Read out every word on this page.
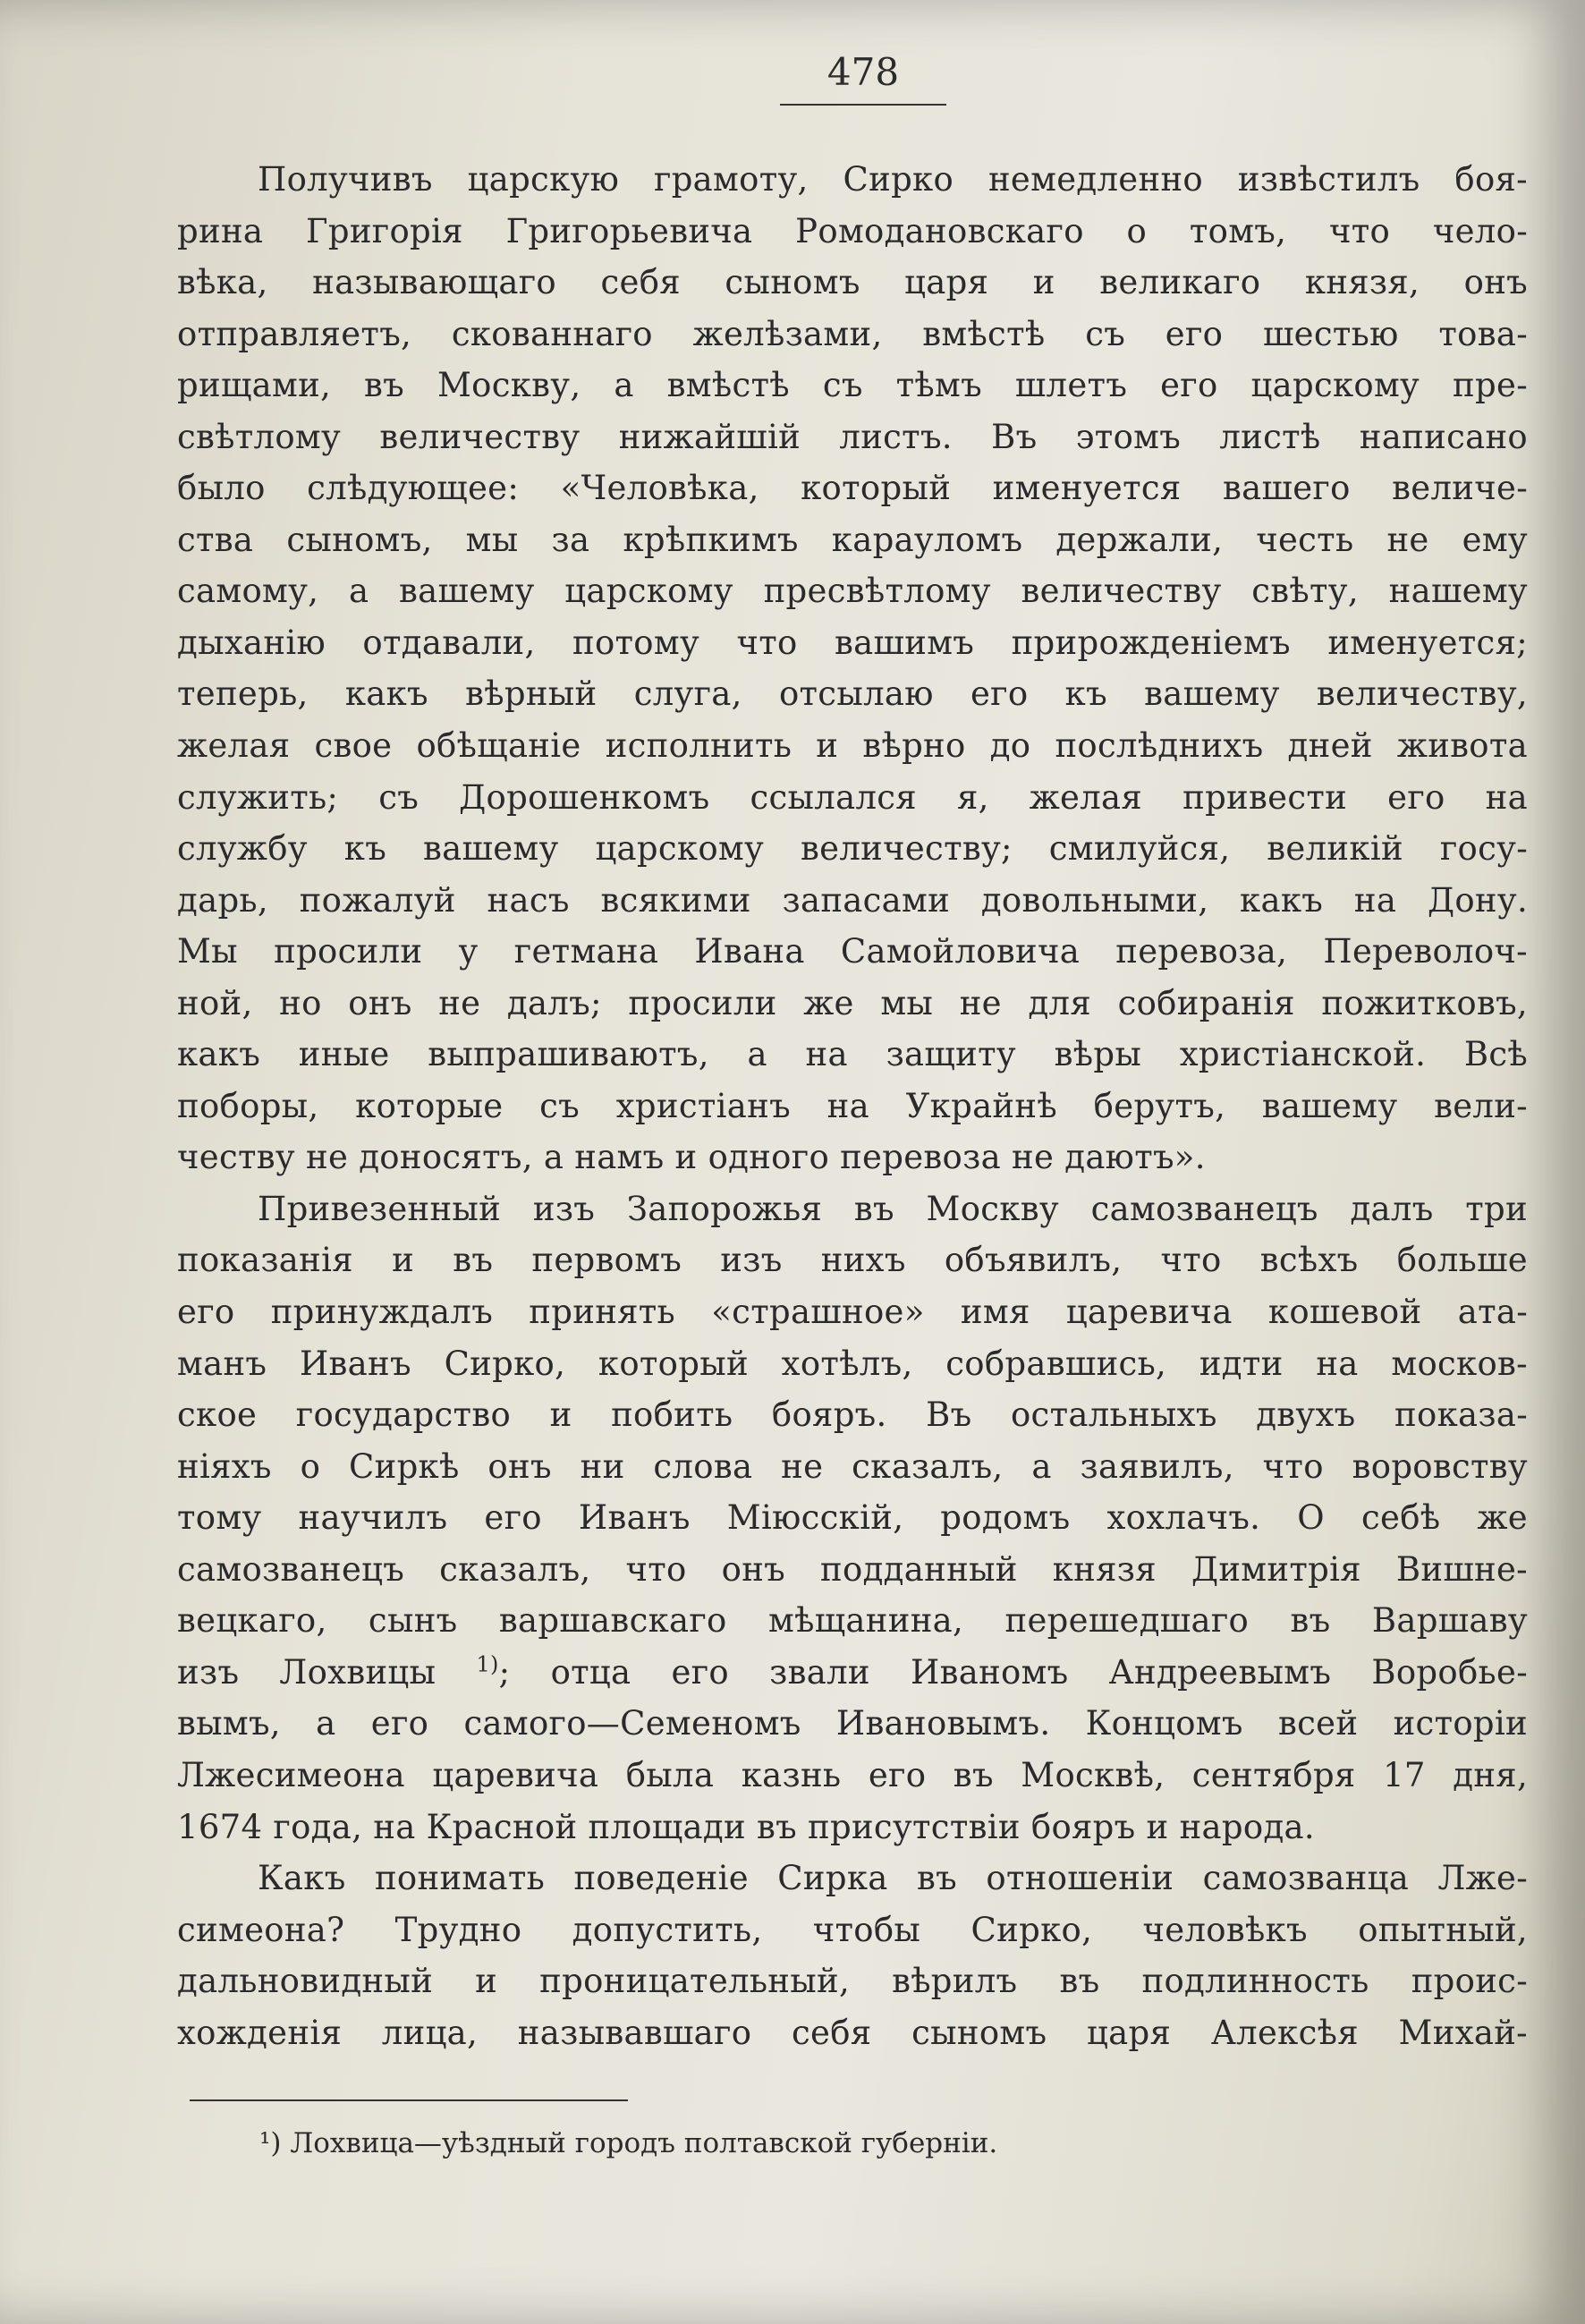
478
Получивъ царскую грамоту, Сирко немедленно извѣстилъ боя-
рина Григорія Григорьевича Ромодановскаго о томъ, что чело-
вѣка, называющаго себя сыномъ царя и великаго князя, онъ
отправляетъ, скованнаго желѣзами, вмѣстѣ съ его шестью това-
рищами, въ Москву, а вмѣстѣ съ тѣмъ шлетъ его царскому пре-
свѣтлому величеству нижайшій листъ. Въ этомъ листѣ написано
было слѣдующее: «Человѣка, который именуется вашего величе-
ства сыномъ, мы за крѣпкимъ карауломъ держали, честь не ему
самому, а вашему царскому пресвѣтлому величеству свѣту, нашему
дыханію отдавали, потому что вашимъ прирожденіемъ именуется;
теперь, какъ вѣрный слуга, отсылаю его къ вашему величеству,
желая свое обѣщаніе исполнить и вѣрно до послѣднихъ дней живота
служить; съ Дорошенкомъ ссылался я, желая привести его на
службу къ вашему царскому величеству; смилуйся, великій госу-
дарь, пожалуй насъ всякими запасами довольными, какъ на Дону.
Мы просили у гетмана Ивана Самойловича перевоза, Переволоч-
ной, но онъ не далъ; просили же мы не для собиранія пожитковъ,
какъ иные выпрашиваютъ, а на защиту вѣры христіанской. Всѣ
поборы, которые съ христіанъ на Украйнѣ берутъ, вашему вели-
честву не доносятъ, а намъ и одного перевоза не даютъ».
Привезенный изъ Запорожья въ Москву самозванецъ далъ три
показанія и въ первомъ изъ нихъ объявилъ, что всѣхъ больше
его принуждалъ принять «страшное» имя царевича кошевой ата-
манъ Иванъ Сирко, который хотѣлъ, собравшись, идти на москов-
ское государство и побить бояръ. Въ остальныхъ двухъ показа-
ніяхъ о Сиркѣ онъ ни слова не сказалъ, а заявилъ, что воровству
тому научилъ его Иванъ Міюсскій, родомъ хохлачъ. О себѣ же
самозванецъ сказалъ, что онъ подданный князя Димитрія Вишне-
вецкаго, сынъ варшавскаго мѣщанина, перешедшаго въ Варшаву
изъ Лохвицы $^{1)}$; отца его звали Иваномъ Андреевымъ Воробье-
вымъ, а его самого—Семеномъ Ивановымъ. Концомъ всей исторіи
Лжесимеона царевича была казнь его въ Москвѣ, сентября 17 дня,
1674 года, на Красной площади въ присутствіи бояръ и народа.
Какъ понимать поведеніе Сирка въ отношеніи самозванца Лже-
симеона? Трудно допустить, чтобы Сирко, человѣкъ опытный,
дальновидный и проницательный, вѣрилъ въ подлинность проис-
хожденія лица, называвшаго себя сыномъ царя Алексѣя Михай-
¹) Лохвица—уѣздный городъ полтавской губерніи.
